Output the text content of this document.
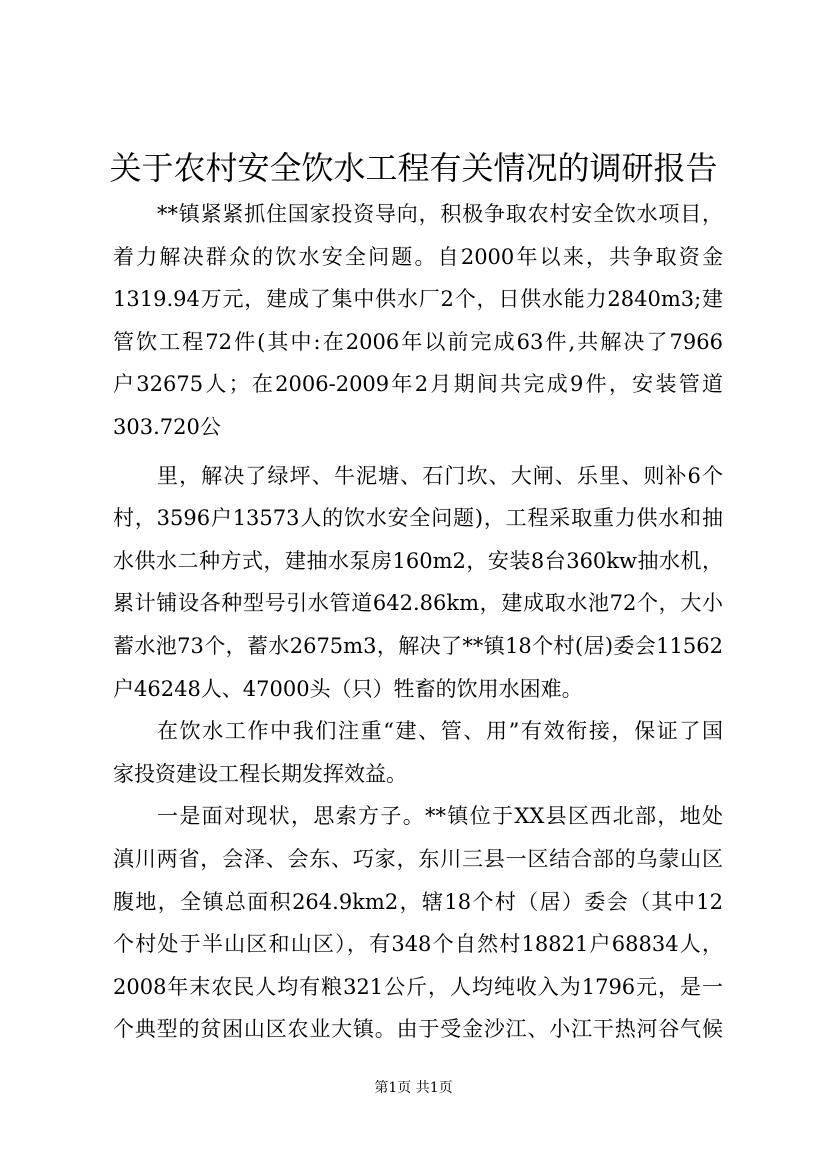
关于农村安全饮水工程有关情况的调研报告
**镇紧紧抓住国家投资导向，积极争取农村安全饮水项目，
着力解决群众的饮水安全问题。自2000年以来，共争取资金
1319.94万元，建成了集中供水厂2个，日供水能力2840m3;建
管饮工程72件(其中:在2006年以前完成63件,共解决了7966
户32675人；在2006-2009年2月期间共完成9件，安装管道
303.720公
里，解决了绿坪、牛泥塘、石门坎、大闸、乐里、则补6个
村，3596户13573人的饮水安全问题)，工程采取重力供水和抽
水供水二种方式，建抽水泵房160m2，安装8台360kw抽水机，
累计铺设各种型号引水管道642.86km，建成取水池72个，大小
蓄水池73个，蓄水2675m3，解决了**镇18个村(居)委会11562
户46248人、47000头（只）牲畜的饮用水困难。
在饮水工作中我们注重“建、管、用”有效衔接，保证了国
家投资建设工程长期发挥效益。
一是面对现状，思索方子。**镇位于XX县区西北部，地处
滇川两省，会泽、会东、巧家，东川三县一区结合部的乌蒙山区
腹地，全镇总面积264.9km2，辖18个村（居）委会（其中12
个村处于半山区和山区），有348个自然村18821户68834人，
2008年末农民人均有粮321公斤，人均纯收入为1796元，是一
个典型的贫困山区农业大镇。由于受金沙江、小江干热河谷气候
第1页 共1页
